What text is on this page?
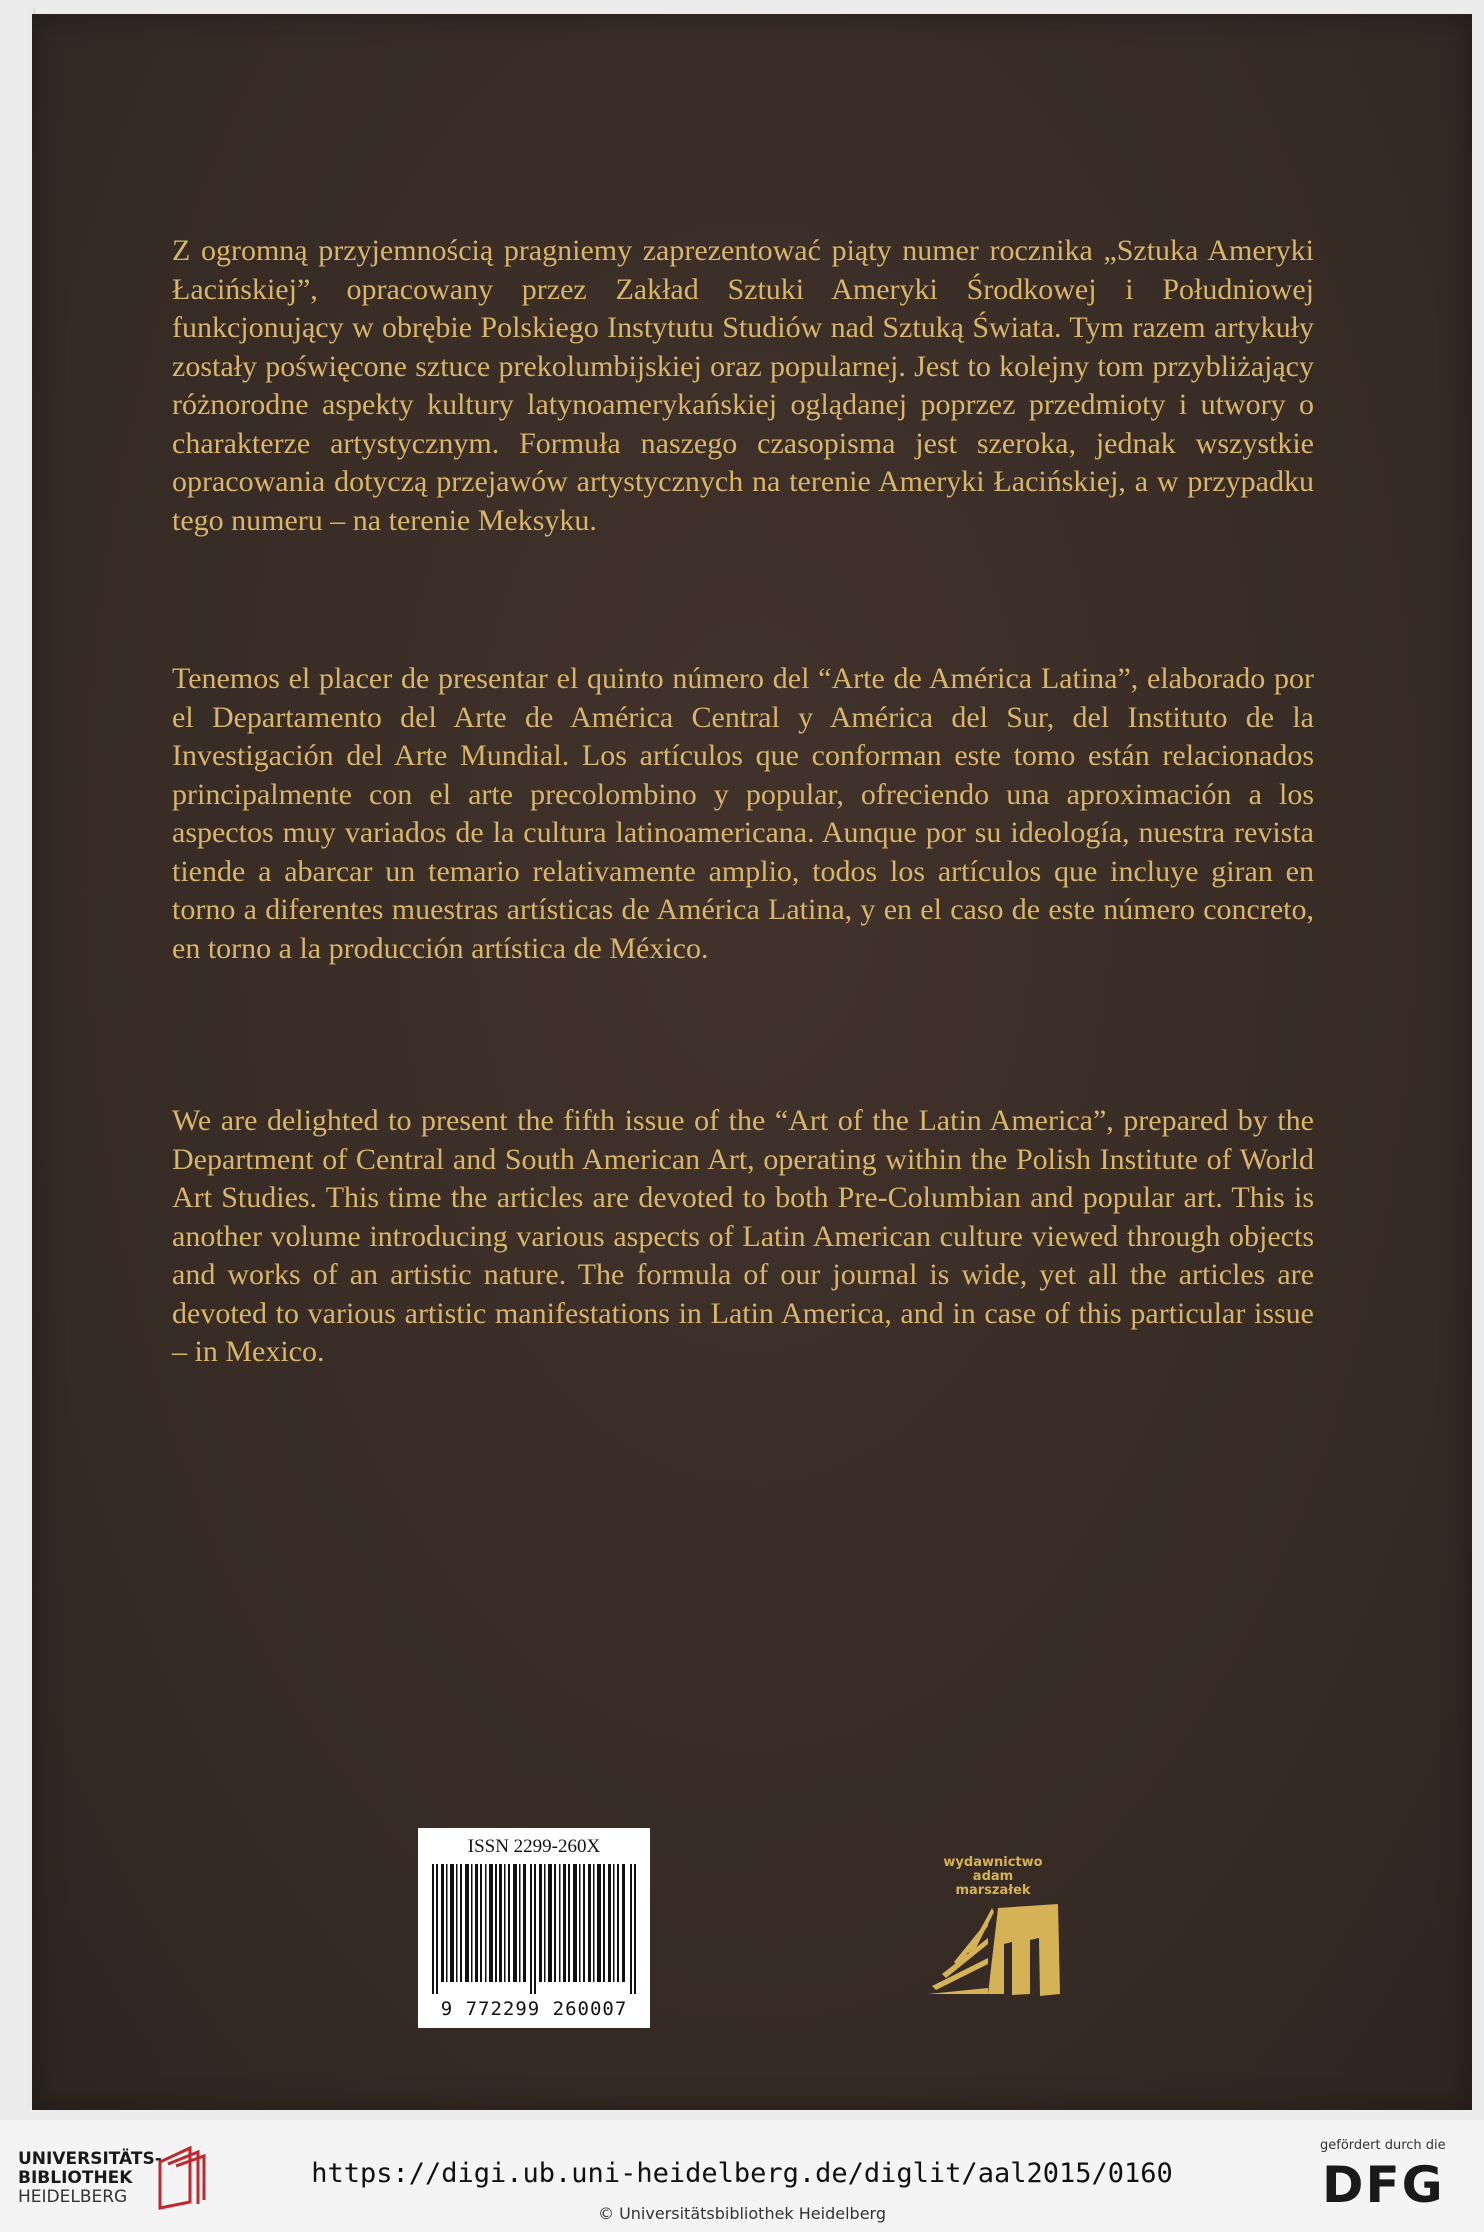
Z ogromną przyjemnością pragniemy zaprezentować piąty numer rocznika „Sztuka Ameryki Łacińskiej”, opracowany przez Zakład Sztuki Ameryki Środkowej i Południowej funkcjonujący w obrębie Polskiego Instytutu Studiów nad Sztuką Świata. Tym razem artykuły zostały poświęcone sztuce prekolumbijskiej oraz popularnej. Jest to kolejny tom przybliżający różnorodne aspekty kultury latynoamerykańskiej oglądanej poprzez przedmioty i utwory o charakterze artystycznym. Formuła naszego czasopisma jest szeroka, jednak wszystkie opracowania dotyczą przejawów artystycznych na terenie Ameryki Łacińskiej, a w przypadku tego numeru – na terenie Meksyku.

Tenemos el placer de presentar el quinto número del “Arte de América Latina”, elaborado por el Departamento del Arte de América Central y América del Sur, del Instituto de la Investigación del Arte Mundial. Los artículos que conforman este tomo están relacionados principalmente con el arte precolombino y popular, ofreciendo una aproximación a los aspectos muy variados de la cultura latinoamericana. Aunque por su ideología, nuestra revista tiende a abarcar un temario relativamente amplio, todos los artículos que incluye giran en torno a diferentes muestras artísticas de América Latina, y en el caso de este número concreto, en torno a la producción artística de México.

We are delighted to present the fifth issue of the “Art of the Latin America”, prepared by the Department of Central and South American Art, operating within the Polish Institute of World Art Studies. This time the articles are devoted to both Pre-Columbian and popular art. This is another volume introducing various aspects of Latin American culture viewed through objects and works of an artistic nature. The formula of our journal is wide, yet all the articles are devoted to various artistic manifestations in Latin America, and in case of this particular issue – in Mexico.

ISSN 2299-260X
9 772299 260007
wydawnictwo
adam
marszałek
UNIVERSITÄTS-
BIBLIOTHEK
HEIDELBERG
https://digi.ub.uni-heidelberg.de/diglit/aal2015/0160
© Universitätsbibliothek Heidelberg
gefördert durch die
DFG
